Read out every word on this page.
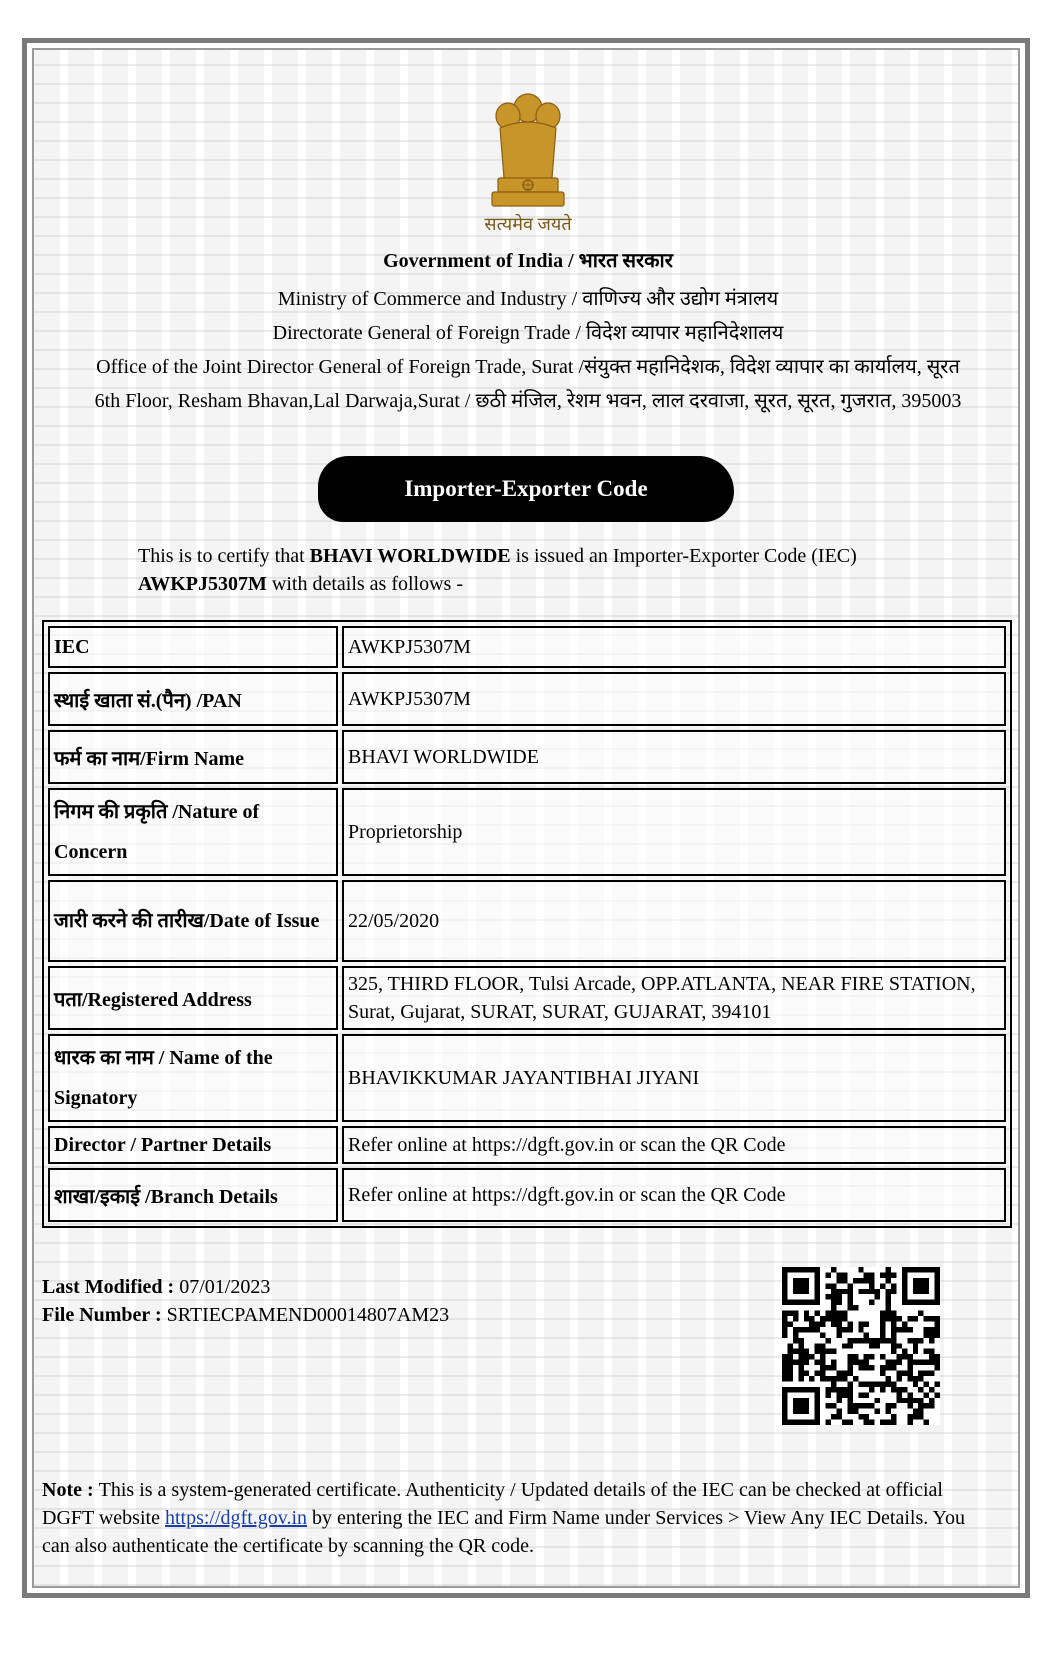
सत्यमेव जयते
Government of India / भारत सरकार
Ministry of Commerce and Industry / वाणिज्य और उद्योग मंत्रालय
Directorate General of Foreign Trade / विदेश व्यापार महानिदेशालय
Office of the Joint Director General of Foreign Trade, Surat /संयुक्त महानिदेशक, विदेश व्यापार का कार्यालय, सूरत
6th Floor, Resham Bhavan,Lal Darwaja,Surat / छठी मंजिल, रेशम भवन, लाल दरवाजा, सूरत, सूरत, गुजरात, 395003
Importer-Exporter Code
This is to certify that BHAVI WORLDWIDE is issued an Importer-Exporter Code (IEC) AWKPJ5307M with details as follows -
IEC	AWKPJ5307M
स्थाई खाता सं.(पैन) /PAN	AWKPJ5307M
फर्म का नाम/Firm Name	BHAVI WORLDWIDE
निगम की प्रकृति /Nature of Concern	Proprietorship
जारी करने की तारीख/Date of Issue	22/05/2020
पता/Registered Address	325, THIRD FLOOR, Tulsi Arcade, OPP.ATLANTA, NEAR FIRE STATION, Surat, Gujarat, SURAT, SURAT, GUJARAT, 394101
धारक का नाम / Name of the Signatory	BHAVIKKUMAR JAYANTIBHAI JIYANI
Director / Partner Details	Refer online at https://dgft.gov.in or scan the QR Code
शाखा/इकाई /Branch Details	Refer online at https://dgft.gov.in or scan the QR Code
Last Modified : 07/01/2023
File Number : SRTIECPAMEND00014807AM23
Note : This is a system-generated certificate. Authenticity / Updated details of the IEC can be checked at official DGFT website https://dgft.gov.in by entering the IEC and Firm Name under Services > View Any IEC Details. You can also authenticate the certificate by scanning the QR code.
